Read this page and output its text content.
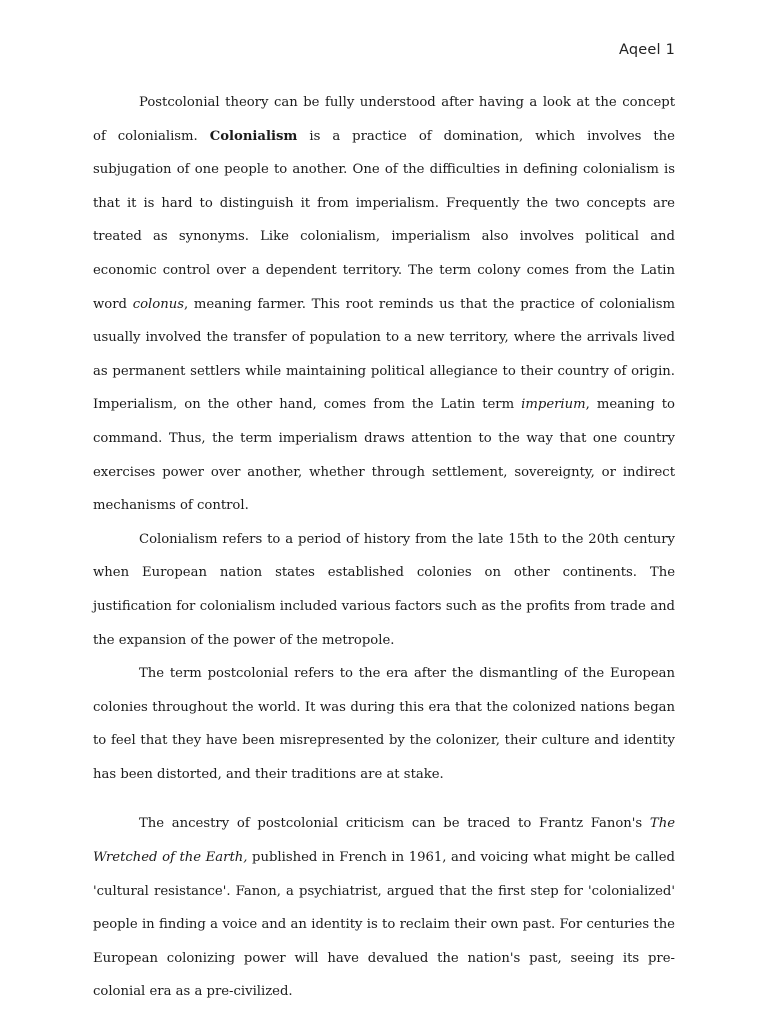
Aqeel 1

Postcolonial theory can be fully understood after having a look at the concept of colonialism. Colonialism is a practice of domination, which involves the subjugation of one people to another. One of the difficulties in defining colonialism is that it is hard to distinguish it from imperialism. Frequently the two concepts are treated as synonyms. Like colonialism, imperialism also involves political and economic control over a dependent territory. The term colony comes from the Latin word colonus, meaning farmer. This root reminds us that the practice of colonialism usually involved the transfer of population to a new territory, where the arrivals lived as permanent settlers while maintaining political allegiance to their country of origin. Imperialism, on the other hand, comes from the Latin term imperium, meaning to command. Thus, the term imperialism draws attention to the way that one country exercises power over another, whether through settlement, sovereignty, or indirect mechanisms of control.

Colonialism refers to a period of history from the late 15th to the 20th century when European nation states established colonies on other continents. The justification for colonialism included various factors such as the profits from trade and the expansion of the power of the metropole.

The term postcolonial refers to the era after the dismantling of the European colonies throughout the world. It was during this era that the colonized nations began to feel that they have been misrepresented by the colonizer, their culture and identity has been distorted, and their traditions are at stake.

The ancestry of postcolonial criticism can be traced to Frantz Fanon's The Wretched of the Earth, published in French in 1961, and voicing what might be called 'cultural resistance'. Fanon, a psychiatrist, argued that the first step for 'colonialized' people in finding a voice and an identity is to reclaim their own past. For centuries the European colonizing power will have devalued the nation's past, seeing its pre-colonial era as a pre-civilized.
